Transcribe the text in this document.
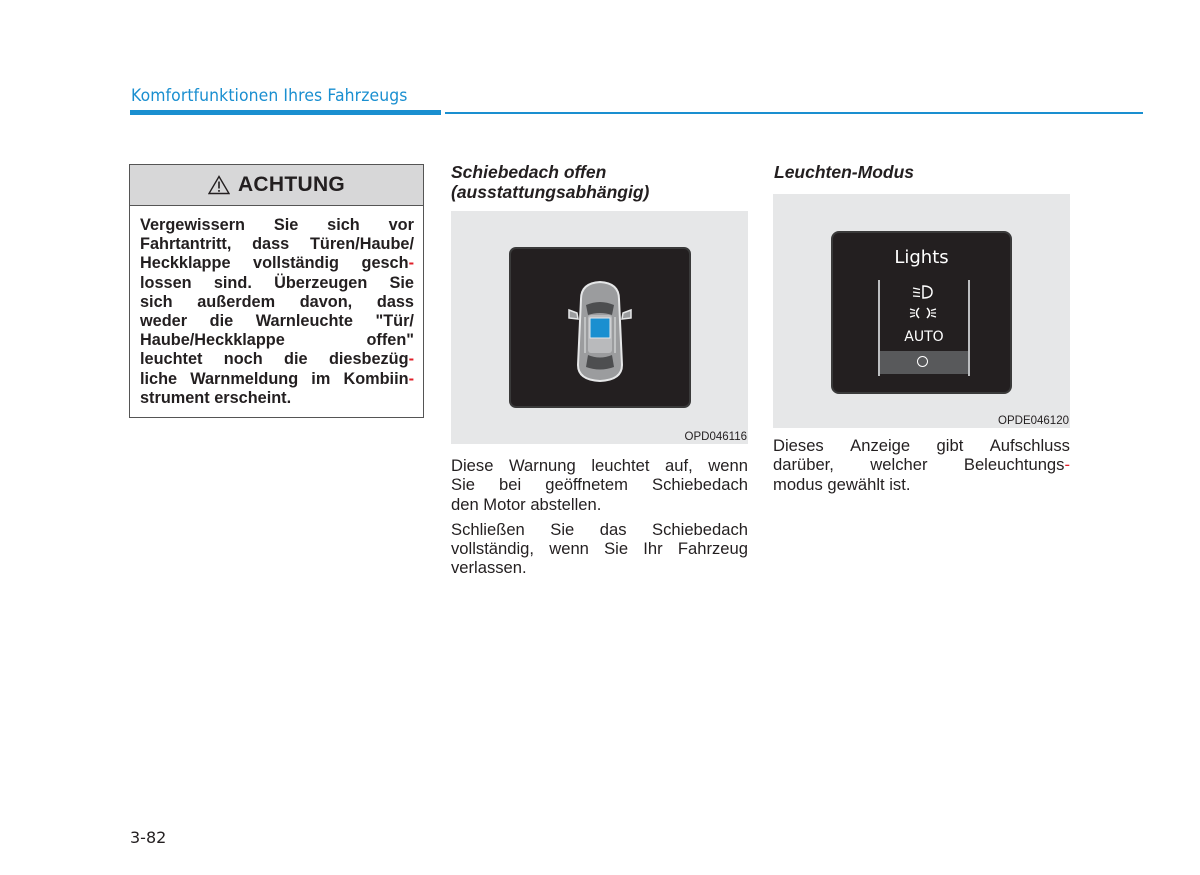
Komfortfunktionen Ihres Fahrzeugs
ACHTUNG
Vergewissern Sie sich vor
Fahrtantritt, dass Türen/Haube/
Heckklappe vollständig gesch-
lossen sind. Überzeugen Sie
sich außerdem davon, dass
weder die Warnleuchte "Tür/
Haube/Heckklappe	offen"
leuchtet noch die diesbezüg-
liche Warnmeldung im Kombiin-
strument
erscheint.
Schiebedach offen
(ausstattungsabhängig)
OPD046116

Diese Warnung leuchtet auf, wenn
Sie bei geöffnetem Schiebedach
den Motor abstellen.

Schließen Sie das Schiebedach
vollständig, wenn Sie Ihr Fahrzeug
verlassen.

Leuchten-Modus
Lights
AUTO
OPDE046120
Dieses Anzeige gibt Aufschluss
darüber, welcher Beleuchtungs-
modus gewählt ist.
3-82
